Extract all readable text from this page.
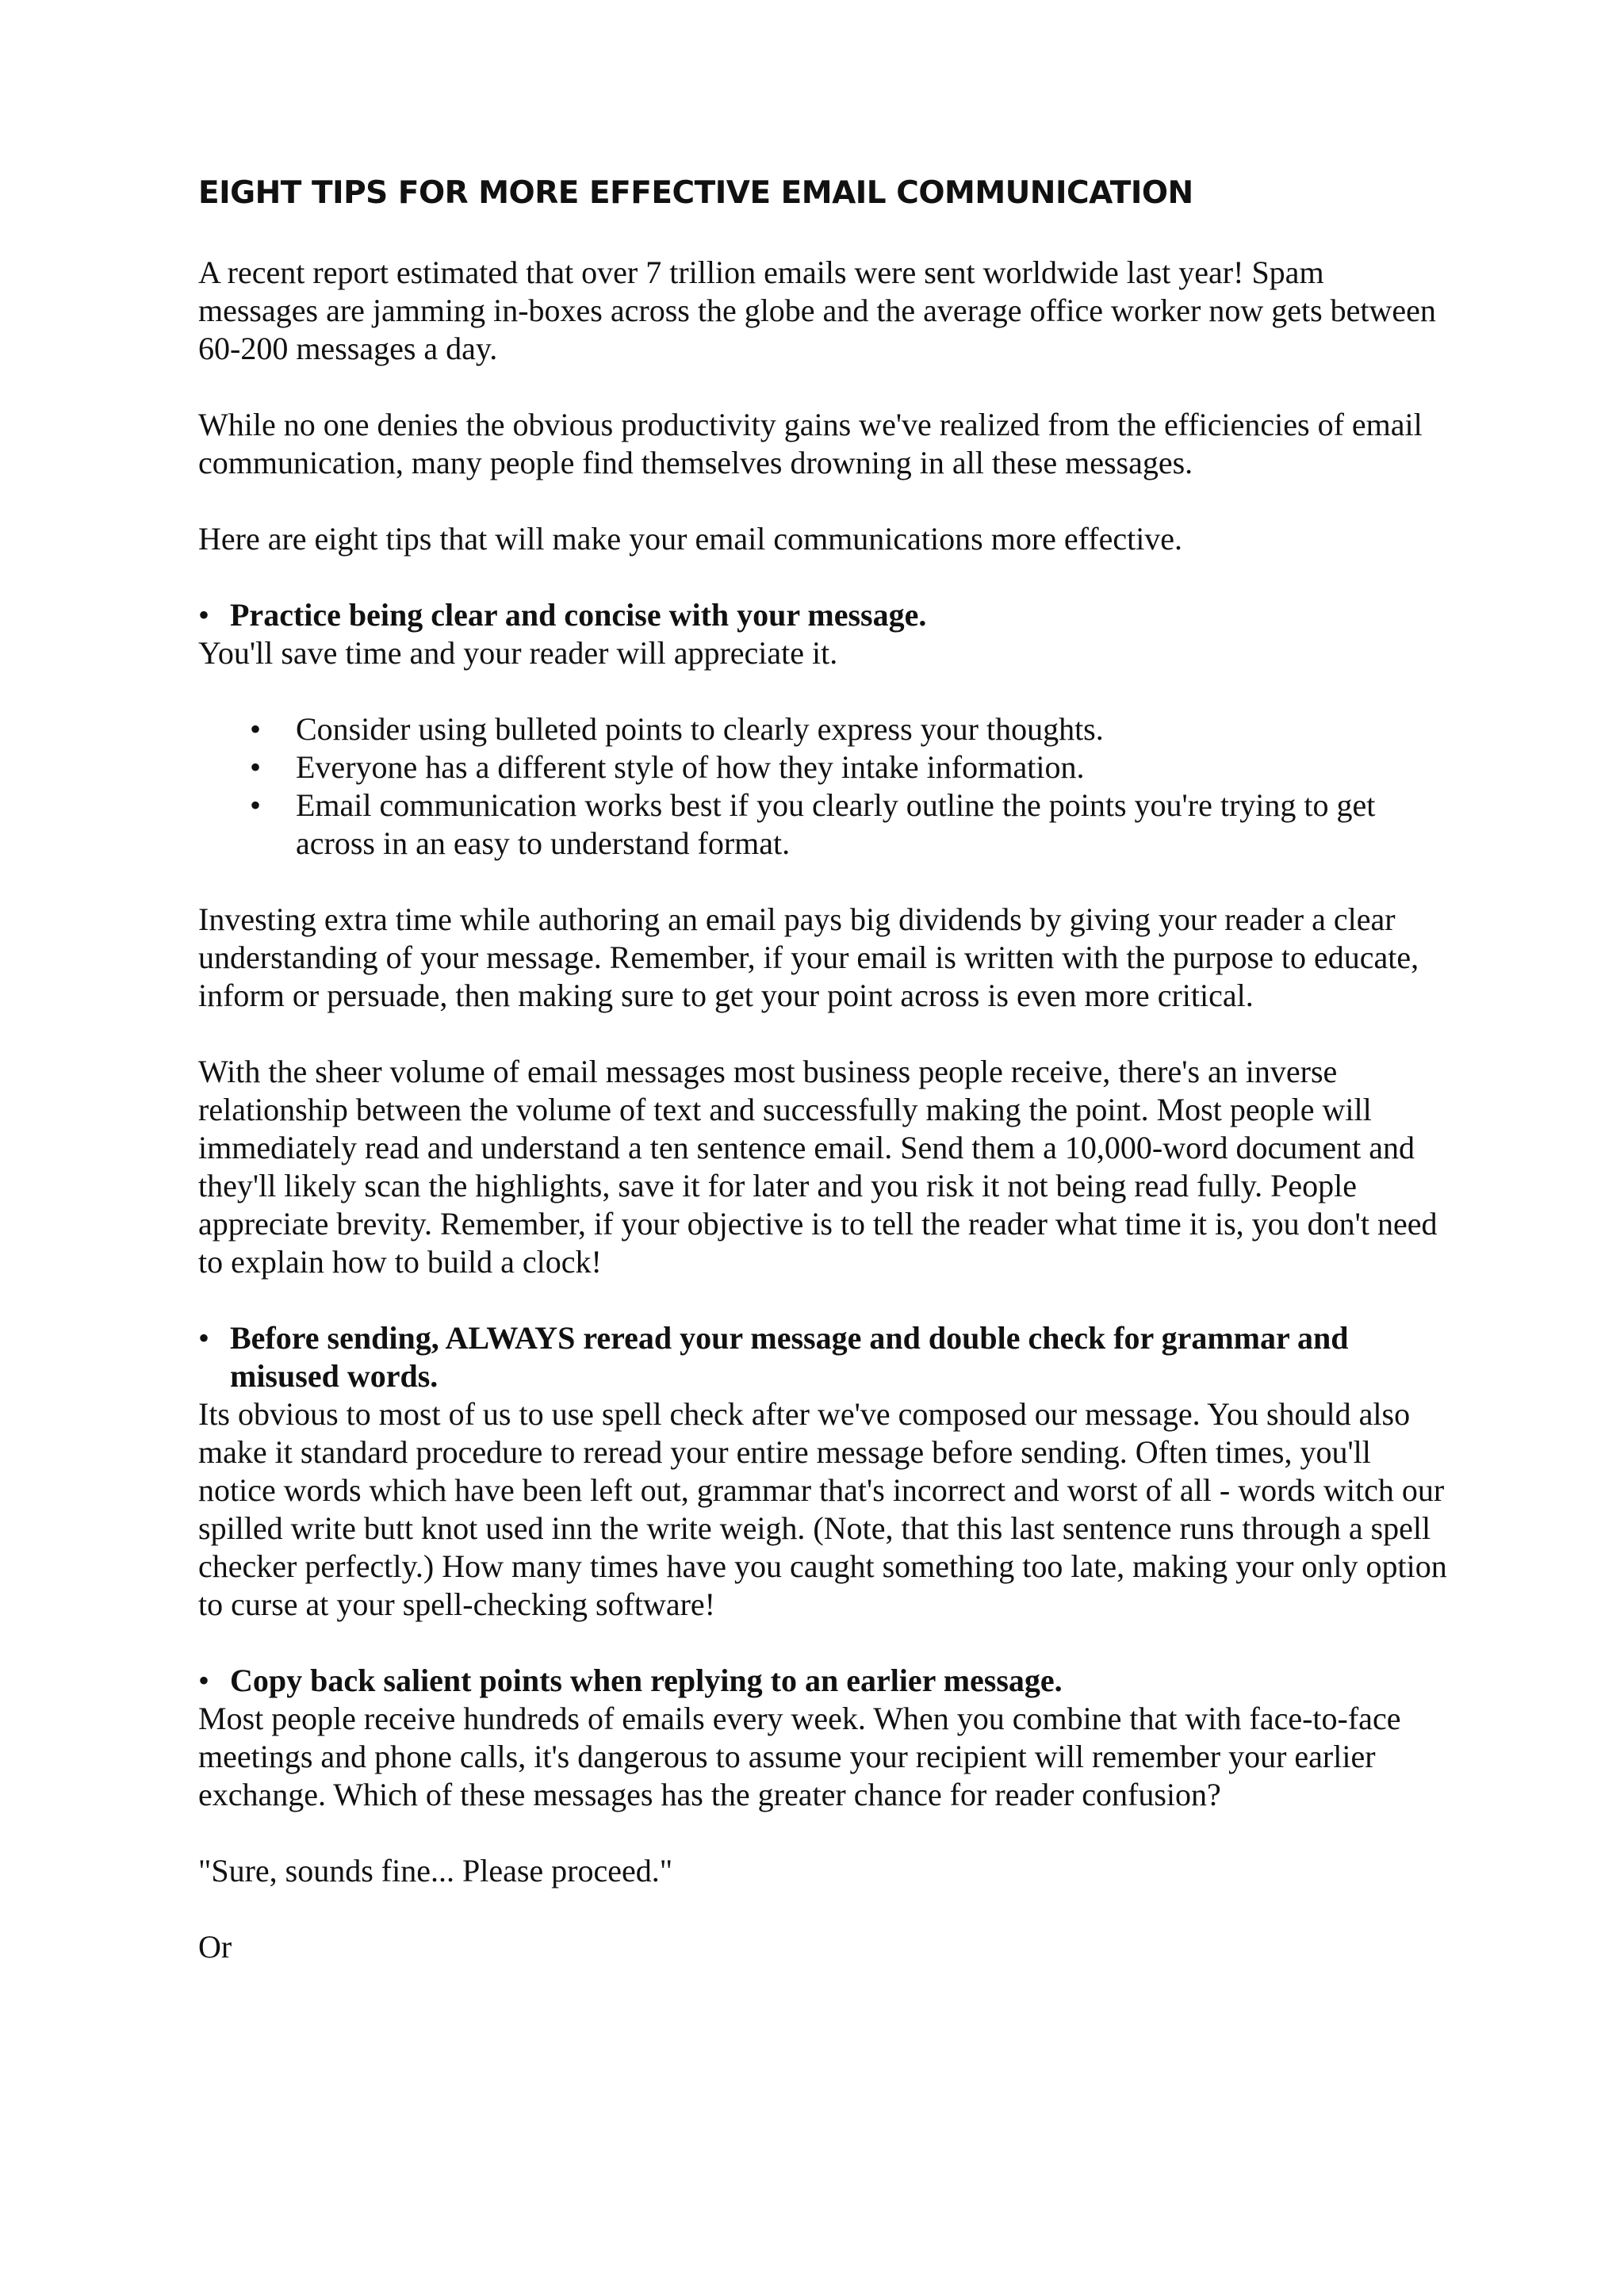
EIGHT TIPS FOR MORE EFFECTIVE EMAIL COMMUNICATION

A recent report estimated that over 7 trillion emails were sent worldwide last year! Spam messages are jamming in-boxes across the globe and the average office worker now gets between 60-200 messages a day.

While no one denies the obvious productivity gains we've realized from the efficiencies of email communication, many people find themselves drowning in all these messages.

Here are eight tips that will make your email communications more effective.

• Practice being clear and concise with your message.
You'll save time and your reader will appreciate it.
•	Consider using bulleted points to clearly express your thoughts.
•	Everyone has a different style of how they intake information.
•	Email communication works best if you clearly outline the points you're trying to get across in an easy to understand format.

Investing extra time while authoring an email pays big dividends by giving your reader a clear understanding of your message. Remember, if your email is written with the purpose to educate, inform or persuade, then making sure to get your point across is even more critical.

With the sheer volume of email messages most business people receive, there's an inverse relationship between the volume of text and successfully making the point. Most people will immediately read and understand a ten sentence email. Send them a 10,000-word document and they'll likely scan the highlights, save it for later and you risk it not being read fully. People appreciate brevity. Remember, if your objective is to tell the reader what time it is, you don't need to explain how to build a clock!

• Before sending, ALWAYS reread your message and double check for grammar and misused words.
Its obvious to most of us to use spell check after we've composed our message. You should also make it standard procedure to reread your entire message before sending. Often times, you'll notice words which have been left out, grammar that's incorrect and worst of all - words witch our spilled write butt knot used inn the write weigh. (Note, that this last sentence runs through a spell checker perfectly.) How many times have you caught something too late, making your only option to curse at your spell-checking software!
• Copy back salient points when replying to an earlier message.
Most people receive hundreds of emails every week. When you combine that with face-to-face meetings and phone calls, it's dangerous to assume your recipient will remember your earlier exchange. Which of these messages has the greater chance for reader confusion?

"Sure, sounds fine... Please proceed."

Or
